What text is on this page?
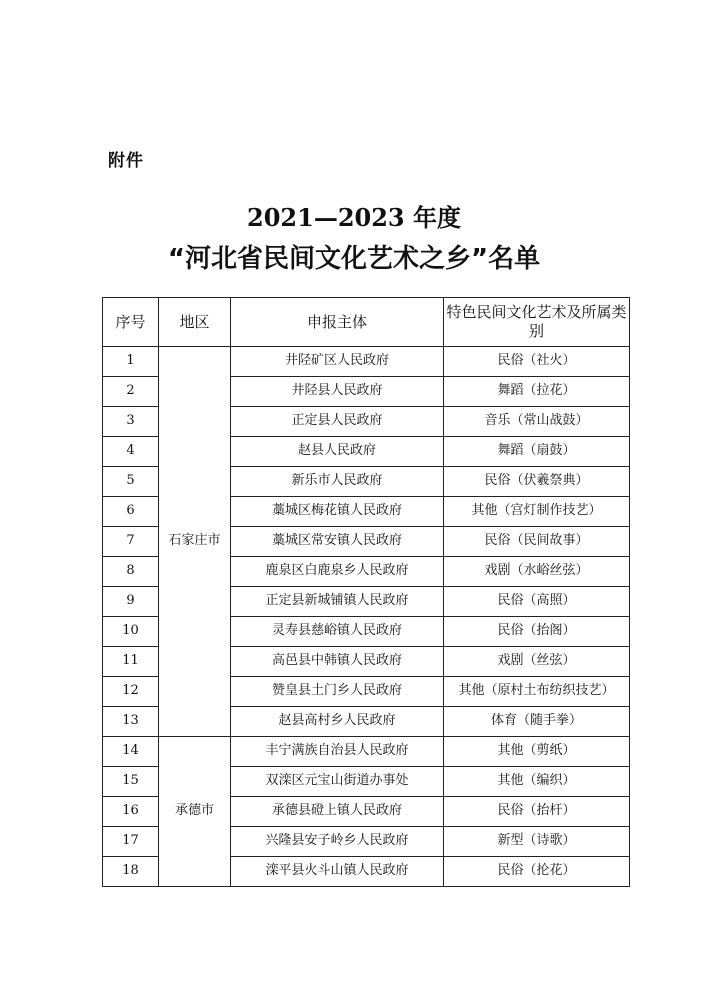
附件
2021—2023 年度
“河北省民间文化艺术之乡”名单
序号	地区	申报主体	特色民间文化艺术及所属类别
1	石家庄市	井陉矿区人民政府	民俗（社火）
2		井陉县人民政府	舞蹈（拉花）
3		正定县人民政府	音乐（常山战鼓）
4		赵县人民政府	舞蹈（扇鼓）
5		新乐市人民政府	民俗（伏羲祭典）
6		藁城区梅花镇人民政府	其他（宫灯制作技艺）
7		藁城区常安镇人民政府	民俗（民间故事）
8		鹿泉区白鹿泉乡人民政府	戏剧（水峪丝弦）
9		正定县新城铺镇人民政府	民俗（高照）
10		灵寿县慈峪镇人民政府	民俗（抬阁）
11		高邑县中韩镇人民政府	戏剧（丝弦）
12		赞皇县土门乡人民政府	其他（原村土布纺织技艺）
13		赵县高村乡人民政府	体育（随手拳）
14	承德市	丰宁满族自治县人民政府	其他（剪纸）
15		双滦区元宝山街道办事处	其他（编织）
16		承德县磴上镇人民政府	民俗（抬杆）
17		兴隆县安子岭乡人民政府	新型（诗歌）
18		滦平县火斗山镇人民政府	民俗（抡花）
